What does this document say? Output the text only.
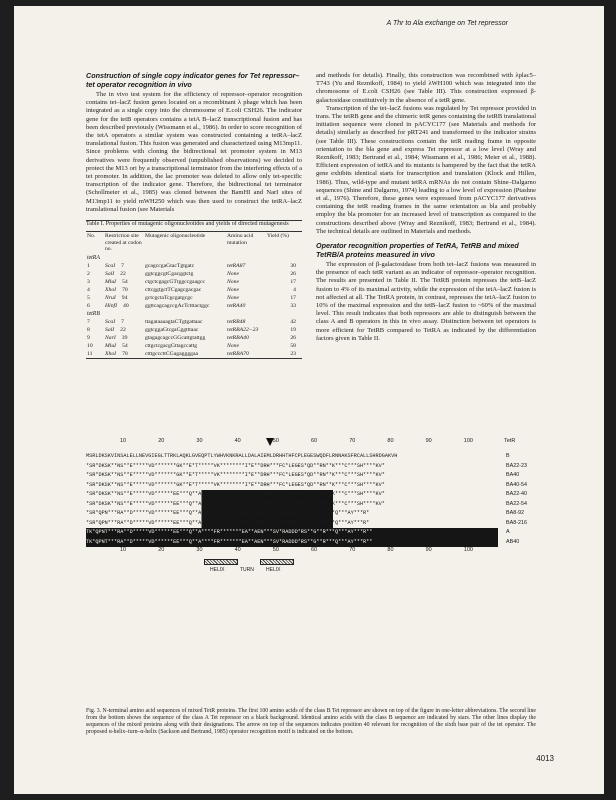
A Thr to Ala exchange on Tet repressor
Construction of single copy indicator genes for Tet repressor–tet operator recognition in vivo

The in vivo test system for the efficiency of repressor–operator recognition contains tet–lacZ fusion genes located on a recombinant λ phage which has been integrated as a single copy into the chromosome of E.coli CSH26. The indicator gene for the tetB operators contains a tetA B–lacZ transcriptional fusion and has been described previously (Wissmann et al., 1986). In order to score recognition of the tetA operators a similar system was constructed containing a tetRA–lacZ translational fusion. This fusion was generated and characterized using M13mp11. Since problems with cloning the bidirectional tet promoter system in M13 derivatives were frequently observed (unpublished observations) we decided to protect the M13 ori by a transcriptional terminator from the interfering effects of a tet promoter. In addition, the lac promoter was deleted to allow only tet-specific transcription of the indicator gene. Therefore, the bidirectional tet terminator (Schollmeier et al., 1985) was cloned between the BamHI and NarI sites of M13mp11 to yield mWH250 which was then used to construct the tetRA–lacZ translational fusion (see Materials

Table I. Properties of mutagenic oligonucleotides and yields of directed mutagenesis
No.	Restriction site created at codon no.	Mutagenic oligonucleotide	Amino acid mutation	Yield (%)
tetRA				
1	ScaI 7	gcagccgaGtacTgtgatc	tetRA87	30
2	SalI 22	ggtcggcgtCgacggtctg	None	26
3	MluI 54	ctgctcgagcGTtggccgaagcc	None	17
4	XhoI 70	cttcggtgctTCgagcgacgac	None	4
5	NruI 94	gctcgctaTcgcgatgcgc	None	17
6	HinfI 40	ggttcagcagccgAcTctttactggc	tetRA40	33
tetRB				
7	ScaI 7	ttagataaaagtaCTgtgattaac	tetRB48	42
8	SalI 22	ggtcggaGtcgaCggtttaac	tetRBA22−23	19
9	NarI 39	gtagagcagccGGcattgtattgg	tetRBA40	26
10	MluI 54	cttgctcgacgGttagccattg	None	58
11	XhoI 70	ctttgcccttCGagaggggaa	tetRBA70	23

and methods for details). Finally, this construction was recombined with λplac5–T743 (Yu and Reznikoff, 1984) to yield λWH100 which was integrated into the chromosome of E.coli CSH26 (see Table III). This construction expressed β-galactosidase constitutively in the absence of a tetR gene.

Transcription of the tet–lacZ fusions was regulated by Tet repressor provided in trans. The tetRB gene and the chimeric tetR genes containing the tetRB translational initiation sequence were cloned in pACYC177 (see Materials and methods for details) similarly as described for pRT241 and transformed to the indicator strains (see Table III). These constructions contain the tetR reading frame in opposite orientation to the bla gene and express Tet repressor at a low level (Wray and Reznikoff, 1983; Bertrand et al., 1984; Wissmann et al., 1986; Meier et al., 1988). Efficient expression of tetRA and its mutants is hampered by the fact that the tetRA gene exhibits identical starts for transcription and translation (Klock and Hillen, 1986). Thus, wild-type and mutant tetRA mRNAs do not contain Shine–Dalgarno sequences (Shine and Dalgarno, 1974) leading to a low level of expression (Ptashne et al., 1976). Therefore, these genes were expressed from pACYC177 derivatives containing the tetR reading frames in the same orientation as bla and probably employ the bla promoter for an increased level of transcription as compared to the constructions described above (Wray and Reznikoff, 1983; Bertrand et al., 1984). The technical details are outlined in Materials and methods.

Operator recognition properties of TetRA, TetRB and mixed TetRB/A proteins measured in vivo

The expression of β-galactosidase from both tet–lacZ fusions was measured in the presence of each tetR variant as an indicator of repressor–operator recognition. The results are presented in Table II. The TetRB protein represses the tetB–lacZ fusion to 4% of its maximal activity, while the expression of the tetA–lacZ fusion is not affected at all. The TetRA protein, in contrast, represses the tetA–lacZ fusion to 10% of the maximal expression and the tetB–lacZ fusion to ~60% of the maximal level. This result indicates that both repressors are able to distinguish between the class A and B operators in this in vivo assay. Distinction between tet operators is more efficient for TetRB compared to TetRA as indicated by the differentiation factors given in Table II.

10	20	30	40	50	60	70	80	90	100	TetR
MSRLDKSKVINSALELLNEVGIEGLTTRKLAQKLGVEQPTLYWHVKNKRALLDALAIEMLDRHHTHFCPLEGESWQDFLRNNAKSFRCALLSHRDGAKVH	B
*SR*DKSK**NS**E*****VD*******GK**E*T*****VK********I*E**DRH***FC*LEGES*QD**RN**K***C***SH****KV*	BA22-23
*SR*DKSK**NS**E*****VD*******GK**E*T*****VK********I*E**DRH***FC*LEGES*QD**RN**K***C***SH****KV*	BA40
*SR*DKSK**NS**E*****VD*******GK**E*T*****VK********I*E**DRH***FC*LEGES*QD**RN**K***C***SH****KV*	BA40-54
*SR*DKSK**NS**E*****VD******EE***Q**A****FR********I*E**DRH***FC*LEGES*QD**RN**K***C***SH****KV*	BA22-40
*SR*DKSK**NS**E*****VD******EE***Q**A****FR********I*E**DRH***FC*LEGES*QD**RN**K***C***SH****KV*	BA22-54
*SR*QPN***RA**D*****VD******EE***Q**A****FR*******EA**AEN***SV*RADDD*RS**G**R***Q***AY***R*	BA8-92
*SR*QPN***RA**D*****VD******EE***Q**A****FR*******EA**AEN***SV*RADDD*RS**G**R***Q***AY***R*	BA8-216
TK*QPNT***RA**D*****VD******EE***Q**A****FR*******EA**AEN***SV*RADDD*RS**G**R***Q***AY***R**	A
TK*QPNT***RA**D*****VD******EE***Q**A****FR*******EA**AEN***SV*RADDD*RS**G**R***Q***AY***R**	AB40
10	20	30	40	50	60	70	80	90	100
HELIX	TURN HELIX
Fig. 3. N-terminal amino acid sequences of mixed TetR proteins. The first 100 amino acids of the class B Tet repressor are shown on top of the figure in one-letter abbreviations. The second line from the bottom shows the sequence of the class A Tet repressor on a black background. Identical amino acids with the class B sequence are indicated by stars. The other lines display the sequences of the mixed proteins along with their designations. The arrow on top of the sequences indicates position 40 relevant for recognition of the sixth base pair of the tet operator. The proposed α-helix–turn–α-helix (Sackson and Bertrand, 1985) operator recognition motif is indicated on the bottom.
4013
